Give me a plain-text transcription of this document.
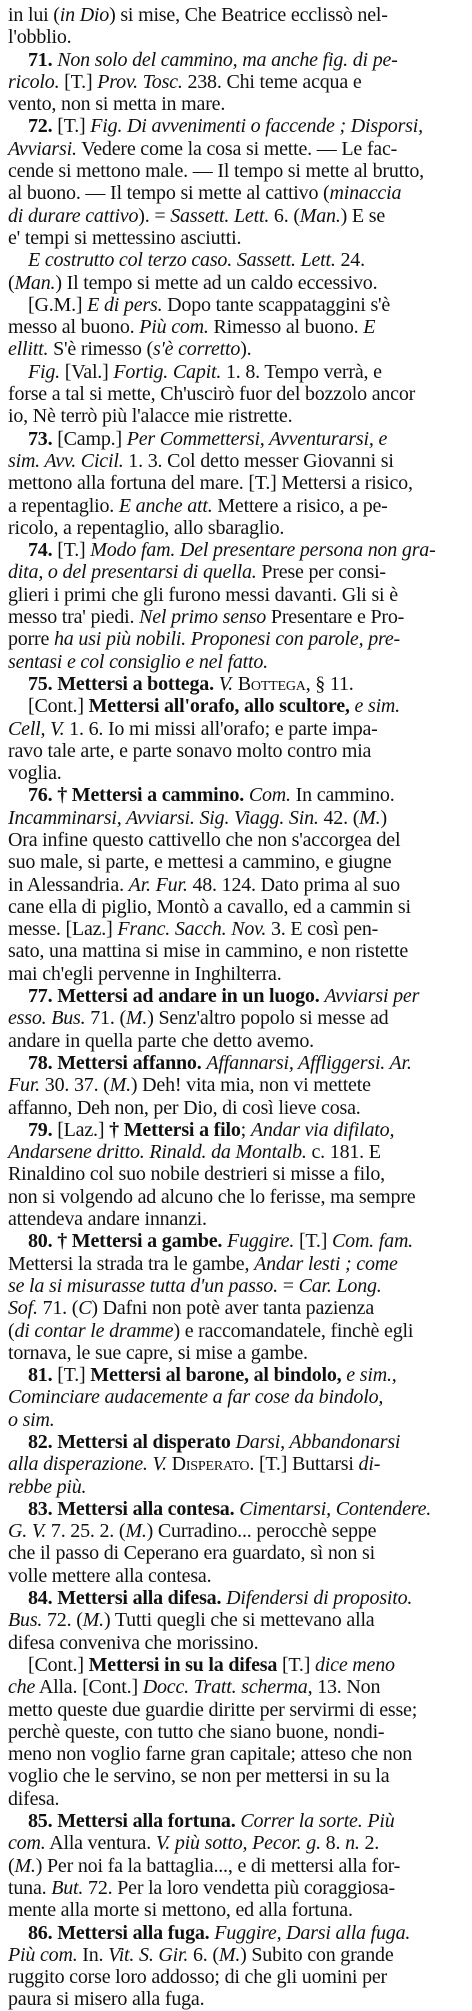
in lui (in Dio) si mise, Che Beatrice ecclissò nel-
l'obblio.
71. Non solo del cammino, ma anche fig. di pe-
ricolo. [T.] Prov. Tosc. 238. Chi teme acqua e
vento, non si metta in mare.
72. [T.] Fig. Di avvenimenti o faccende ; Disporsi,
Avviarsi. Vedere come la cosa si mette. — Le fac-
cende si mettono male. — Il tempo si mette al brutto,
al buono. — Il tempo si mette al cattivo (minaccia
di durare cattivo). = Sassett. Lett. 6. (Man.) E se
e' tempi si mettessino asciutti.
E costrutto col terzo caso. Sassett. Lett. 24.
(Man.) Il tempo si mette ad un caldo eccessivo.
[G.M.] E di pers. Dopo tante scappataggini s'è
messo al buono. Più com. Rimesso al buono. E
ellitt. S'è rimesso (s'è corretto).
Fig. [Val.] Fortig. Capit. 1. 8. Tempo verrà, e
forse a tal si mette, Ch'uscirò fuor del bozzolo ancor
io, Nè terrò più l'alacce mie ristrette.
73. [Camp.] Per Commettersi, Avventurarsi, e
sim. Avv. Cicil. 1. 3. Col detto messer Giovanni si
mettono alla fortuna del mare. [T.] Mettersi a risico,
a repentaglio. E anche att. Mettere a risico, a pe-
ricolo, a repentaglio, allo sbaraglio.
74. [T.] Modo fam. Del presentare persona non gra-
dita, o del presentarsi di quella. Prese per consi-
glieri i primi che gli furono messi davanti. Gli si è
messo tra' piedi. Nel primo senso Presentare e Pro-
porre ha usi più nobili. Proponesi con parole, pre-
sentasi e col consiglio e nel fatto.
75. Mettersi a bottega. V. Bottega, § 11.
[Cont.] Mettersi all'orafo, allo scultore, e sim.
Cell, V. 1. 6. Io mi missi all'orafo; e parte impa-
ravo tale arte, e parte sonavo molto contro mia
voglia.
76. † Mettersi a cammino. Com. In cammino.
Incamminarsi, Avviarsi. Sig. Viagg. Sin. 42. (M.)
Ora infine questo cattivello che non s'accorgea del
suo male, si parte, e mettesi a cammino, e giugne
in Alessandria. Ar. Fur. 48. 124. Dato prima al suo
cane ella di piglio, Montò a cavallo, ed a cammin si
messe. [Laz.] Franc. Sacch. Nov. 3. E così pen-
sato, una mattina si mise in cammino, e non ristette
mai ch'egli pervenne in Inghilterra.
77. Mettersi ad andare in un luogo. Avviarsi per
esso. Bus. 71. (M.) Senz'altro popolo si messe ad
andare in quella parte che detto avemo.
78. Mettersi affanno. Affannarsi, Affliggersi. Ar.
Fur. 30. 37. (M.) Deh! vita mia, non vi mettete
affanno, Deh non, per Dio, di così lieve cosa.
79. [Laz.] † Mettersi a filo; Andar via difilato,
Andarsene dritto. Rinald. da Montalb. c. 181. E
Rinaldino col suo nobile destrieri si misse a filo,
non si volgendo ad alcuno che lo ferisse, ma sempre
attendeva andare innanzi.
80. † Mettersi a gambe. Fuggire. [T.] Com. fam.
Mettersi la strada tra le gambe, Andar lesti ; come
se la si misurasse tutta d'un passo. = Car. Long.
Sof. 71. (C) Dafni non potè aver tanta pazienza
(di contar le dramme) e raccomandatele, finchè egli
tornava, le sue capre, si mise a gambe.
81. [T.] Mettersi al barone, al bindolo, e sim.,
Cominciare audacemente a far cose da bindolo,
o sim.
82. Mettersi al disperato Darsi, Abbandonarsi
alla disperazione. V. Disperato. [T.] Buttarsi di-
rebbe più.
83. Mettersi alla contesa. Cimentarsi, Contendere.
G. V. 7. 25. 2. (M.) Curradino... perocchè seppe
che il passo di Ceperano era guardato, sì non si
volle mettere alla contesa.
84. Mettersi alla difesa. Difendersi di proposito.
Bus. 72. (M.) Tutti quegli che si mettevano alla
difesa conveniva che morissino.
[Cont.] Mettersi in su la difesa [T.] dice meno
che Alla. [Cont.] Docc. Tratt. scherma, 13. Non
metto queste due guardie diritte per servirmi di esse;
perchè queste, con tutto che siano buone, nondi-
meno non voglio farne gran capitale; atteso che non
voglio che le servino, se non per mettersi in su la
difesa.
85. Mettersi alla fortuna. Correr la sorte. Più
com. Alla ventura. V. più sotto, Pecor. g. 8. n. 2.
(M.) Per noi fa la battaglia..., e di mettersi alla for-
tuna. But. 72. Per la loro vendetta più coraggiosa-
mente alla morte si mettono, ed alla fortuna.
86. Mettersi alla fuga. Fuggire, Darsi alla fuga.
Più com. In. Vit. S. Gir. 6. (M.) Subito con grande
ruggito corse loro addosso; di che gli uomini per
paura si misero alla fuga.
